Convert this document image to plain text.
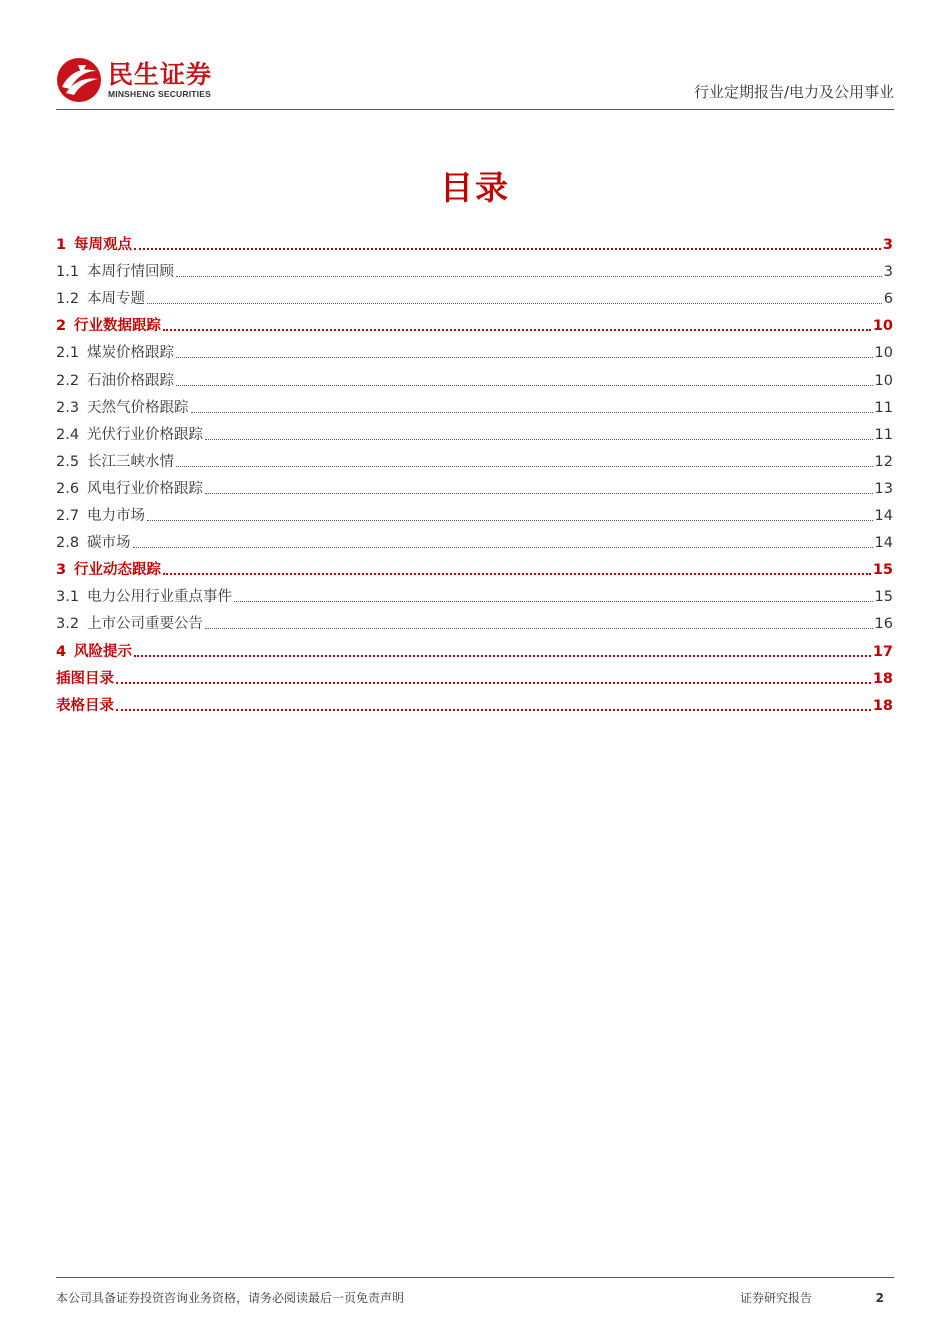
民生证券
MINSHENG SECURITIES	行业定期报告/电力及公用事业
目录
1 每周观点	3
1.1 本周行情回顾	3
1.2 本周专题	6
2 行业数据跟踪	10
2.1 煤炭价格跟踪	10
2.2 石油价格跟踪	10
2.3 天然气价格跟踪	11
2.4 光伏行业价格跟踪	11
2.5 长江三峡水情	12
2.6 风电行业价格跟踪	13
2.7 电力市场	14
2.8 碳市场	14
3 行业动态跟踪	15
3.1 电力公用行业重点事件	15
3.2 上市公司重要公告	16
4 风险提示	17
插图目录	18
表格目录	18
本公司具备证券投资咨询业务资格，请务必阅读最后一页免责声明	证券研究报告	2
